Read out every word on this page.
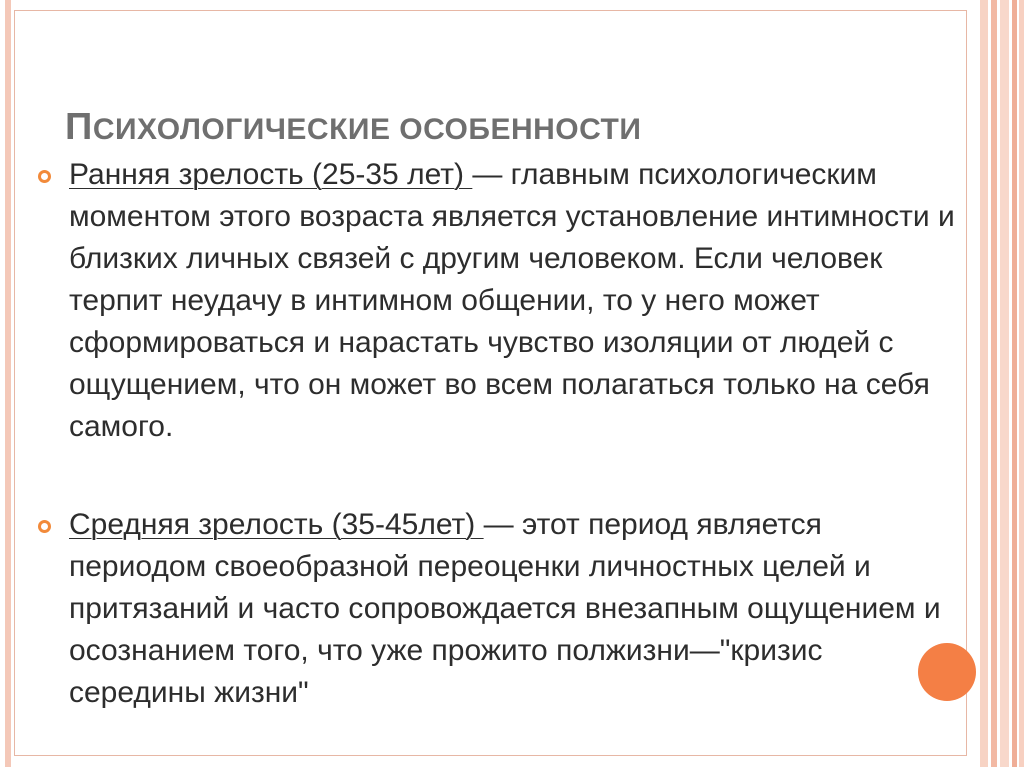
ПСИХОЛОГИЧЕСКИЕ ОСОБЕННОСТИ

Ранняя зрелость (25-35 лет) — главным психологическим моментом этого возраста является установление интимности и близких личных связей с другим человеком. Если человек терпит неудачу в интимном общении, то у него может сформироваться и нарастать чувство изоляции от людей с ощущением, что он может во всем полагаться только на себя самого.

Средняя зрелость (35-45лет) — этот период является периодом своеобразной переоценки личностных целей и притязаний и часто сопровождается внезапным ощущением и осознанием того, что уже прожито полжизни—"кризис середины жизни"
